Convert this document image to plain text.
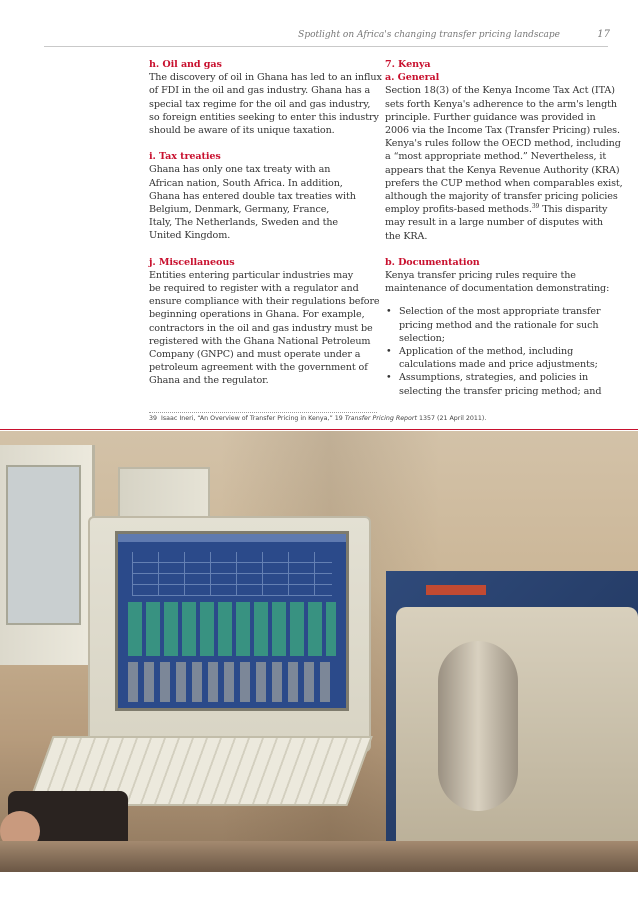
Spotlight on Africa's changing transfer pricing landscape	17
h. Oil and gas
The discovery of oil in Ghana has led to an influx
of FDI in the oil and gas industry. Ghana has a
special tax regime for the oil and gas industry,
so foreign entities seeking to enter this industry
should be aware of its unique taxation.
i. Tax treaties
Ghana has only one tax treaty with an
African nation, South Africa. In addition,
Ghana has entered double tax treaties with
Belgium, Denmark, Germany, France,
Italy, The Netherlands, Sweden and the
United Kingdom.
j. Miscellaneous
Entities entering particular industries may
be required to register with a regulator and
ensure compliance with their regulations before
beginning operations in Ghana. For example,
contractors in the oil and gas industry must be
registered with the Ghana National Petroleum
Company (GNPC) and must operate under a
petroleum agreement with the government of
Ghana and the regulator.
7. Kenya
a. General
Section 18(3) of the Kenya Income Tax Act (ITA)
sets forth Kenya's adherence to the arm's length
principle. Further guidance was provided in
2006 via the Income Tax (Transfer Pricing) rules.
Kenya's rules follow the OECD method, including
a “most appropriate method.” Nevertheless, it
appears that the Kenya Revenue Authority (KRA)
prefers the CUP method when comparables exist,
although the majority of transfer pricing policies
employ profits-based methods.$^{39}$ This disparity
may result in a large number of disputes with
the KRA.
b. Documentation
Kenya transfer pricing rules require the
maintenance of documentation demonstrating:
• Selection of the most appropriate transfer
pricing method and the rationale for such
selection;
• Application of the method, including
calculations made and price adjustments;
• Assumptions, strategies, and policies in
selecting the transfer pricing method; and
39 Isaac Ineri, “An Overview of Transfer Pricing in Kenya,” 19 Transfer Pricing Report 1357 (21 April 2011).
